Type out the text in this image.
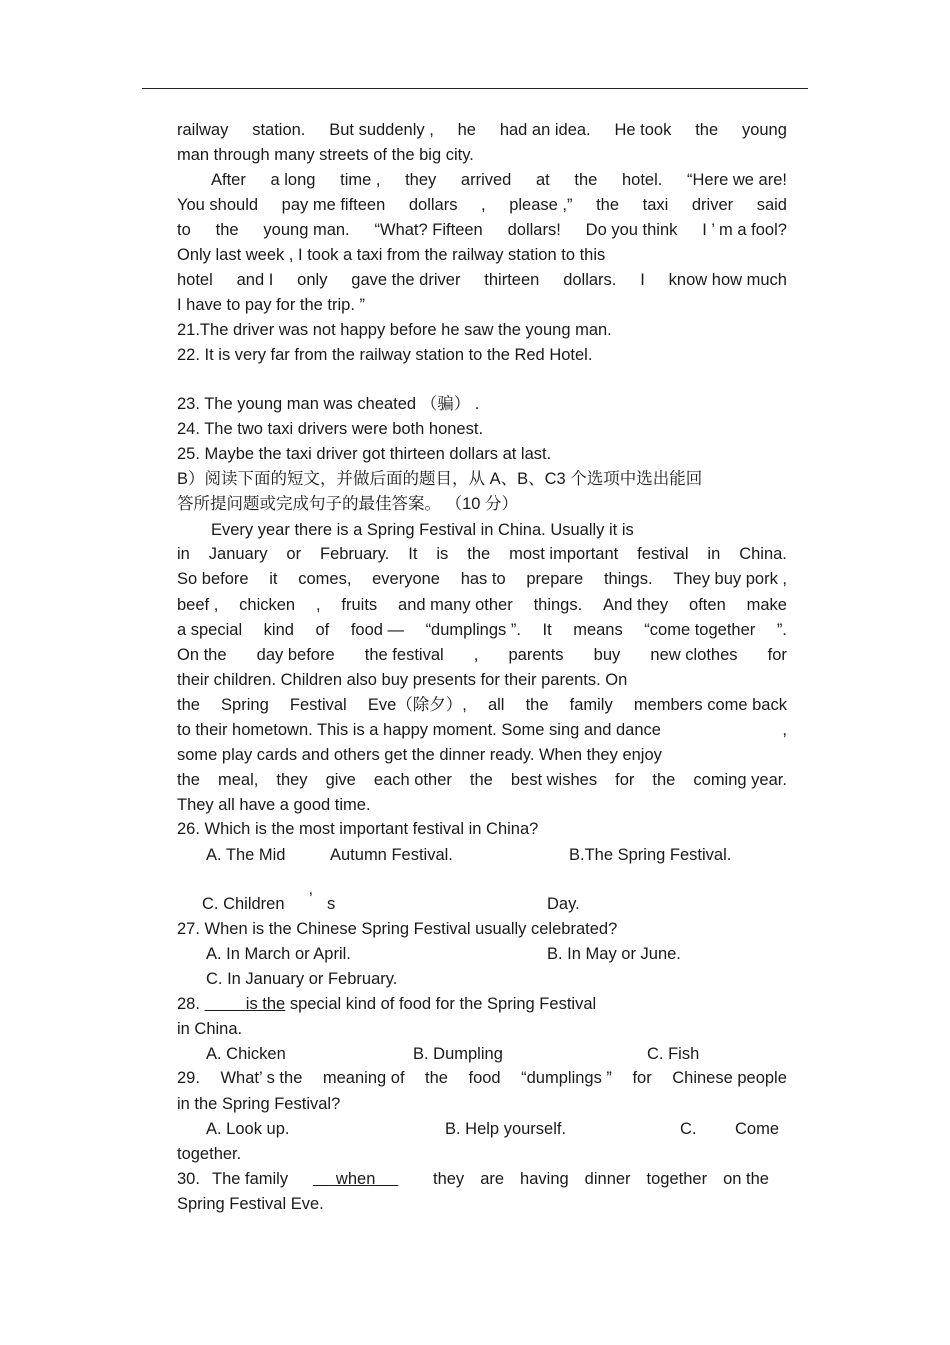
railway station. But suddenly , he had an idea. He took the young
man through many streets of the big city.
After a long time , they arrived at the hotel. “Here we are!
You should pay me fifteen dollars , please ,” the taxi driver said
to the young man. “What? Fifteen dollars! Do you think I ’ m a fool?
Only last week , I took a taxi from the railway station to this
hotel and I only gave the driver thirteen dollars. I know how much
I have to pay for the trip. ”
21.The driver was not happy before he saw the young man.
22. It is very far from the railway station to the Red Hotel.
23. The young man was cheated （骗） .
24. The two taxi drivers were both honest.
25. Maybe the taxi driver got thirteen dollars at last.
B）阅读下面的短文，并做后面的题目，从 A、B、C3 个选项中选出能回
答所提问题或完成句子的最佳答案。 （10 分）
Every year there is a Spring Festival in China. Usually it is
in January or February. It is the most important festival in China.
So before it comes, everyone has to prepare things. They buy pork ,
beef , chicken , fruits and many other things. And they often make
a special kind of food — “dumplings ”. It means “come together ”.
On the day before the festival , parents buy new clothes for
their children. Children also buy presents for their parents. On
the Spring Festival Eve（除夕）, all the family members come back
to their hometown. This is a happy moment. Some sing and dance	,
some play cards and others get the dinner ready. When they enjoy
the meal, they give each other the best wishes for the coming year.
They all have a good time.
26. Which is the most important festival in China?
A. The Mid	Autumn Festival.	B.The Spring Festival.
C. Children ’ s	Day.
27. When is the Chinese Spring Festival usually celebrated?
A. In March or April.	B. In May or June.
C. In January or February.
28.	is the special kind of food for the Spring Festival
in China.
A. Chicken	B. Dumpling	C. Fish
29. What’ s the meaning of the food “dumplings ” for Chinese people
in the Spring Festival?
A. Look up.	B. Help yourself.	C. Come
together.
30. The family	when	they are having dinner together on the
Spring Festival Eve.
